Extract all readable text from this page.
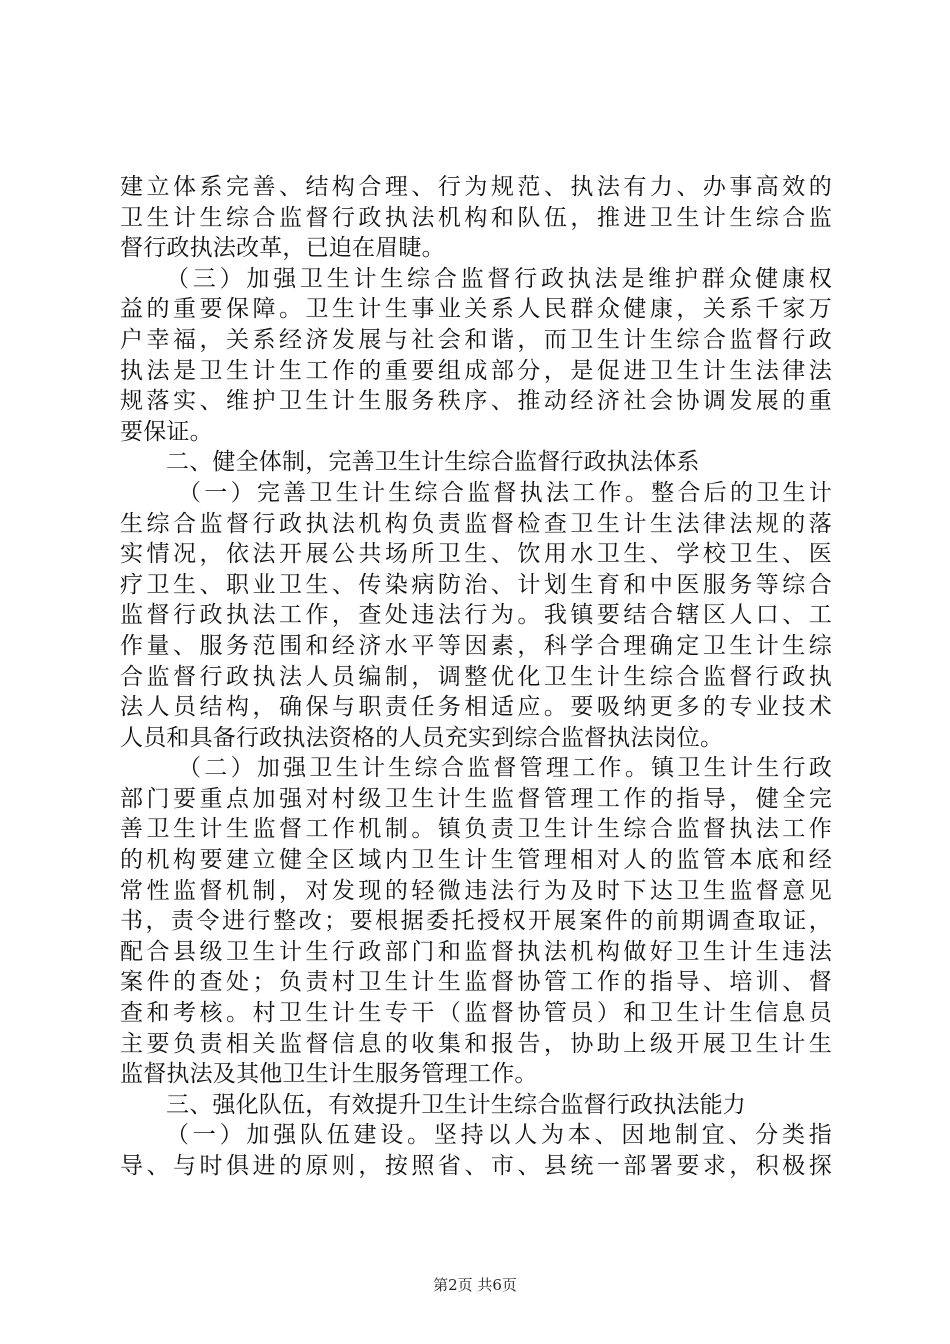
建立体系完善、结构合理、行为规范、执法有力、办事高效的
卫生计生综合监督行政执法机构和队伍，推进卫生计生综合监
督行政执法改革，已迫在眉睫。
（三）加强卫生计生综合监督行政执法是维护群众健康权
益的重要保障。卫生计生事业关系人民群众健康，关系千家万
户幸福，关系经济发展与社会和谐，而卫生计生综合监督行政
执法是卫生计生工作的重要组成部分，是促进卫生计生法律法
规落实、维护卫生计生服务秩序、推动经济社会协调发展的重
要保证。
二、健全体制，完善卫生计生综合监督行政执法体系
（一）完善卫生计生综合监督执法工作。整合后的卫生计
生综合监督行政执法机构负责监督检查卫生计生法律法规的落
实情况，依法开展公共场所卫生、饮用水卫生、学校卫生、医
疗卫生、职业卫生、传染病防治、计划生育和中医服务等综合
监督行政执法工作，查处违法行为。我镇要结合辖区人口、工
作量、服务范围和经济水平等因素，科学合理确定卫生计生综
合监督行政执法人员编制，调整优化卫生计生综合监督行政执
法人员结构，确保与职责任务相适应。要吸纳更多的专业技术
人员和具备行政执法资格的人员充实到综合监督执法岗位。
（二）加强卫生计生综合监督管理工作。镇卫生计生行政
部门要重点加强对村级卫生计生监督管理工作的指导，健全完
善卫生计生监督工作机制。镇负责卫生计生综合监督执法工作
的机构要建立健全区域内卫生计生管理相对人的监管本底和经
常性监督机制，对发现的轻微违法行为及时下达卫生监督意见
书，责令进行整改；要根据委托授权开展案件的前期调查取证，
配合县级卫生计生行政部门和监督执法机构做好卫生计生违法
案件的查处；负责村卫生计生监督协管工作的指导、培训、督
查和考核。村卫生计生专干（监督协管员）和卫生计生信息员
主要负责相关监督信息的收集和报告，协助上级开展卫生计生
监督执法及其他卫生计生服务管理工作。
三、强化队伍，有效提升卫生计生综合监督行政执法能力
（一）加强队伍建设。坚持以人为本、因地制宜、分类指
导、与时俱进的原则，按照省、市、县统一部署要求，积极探
第2页 共6页
